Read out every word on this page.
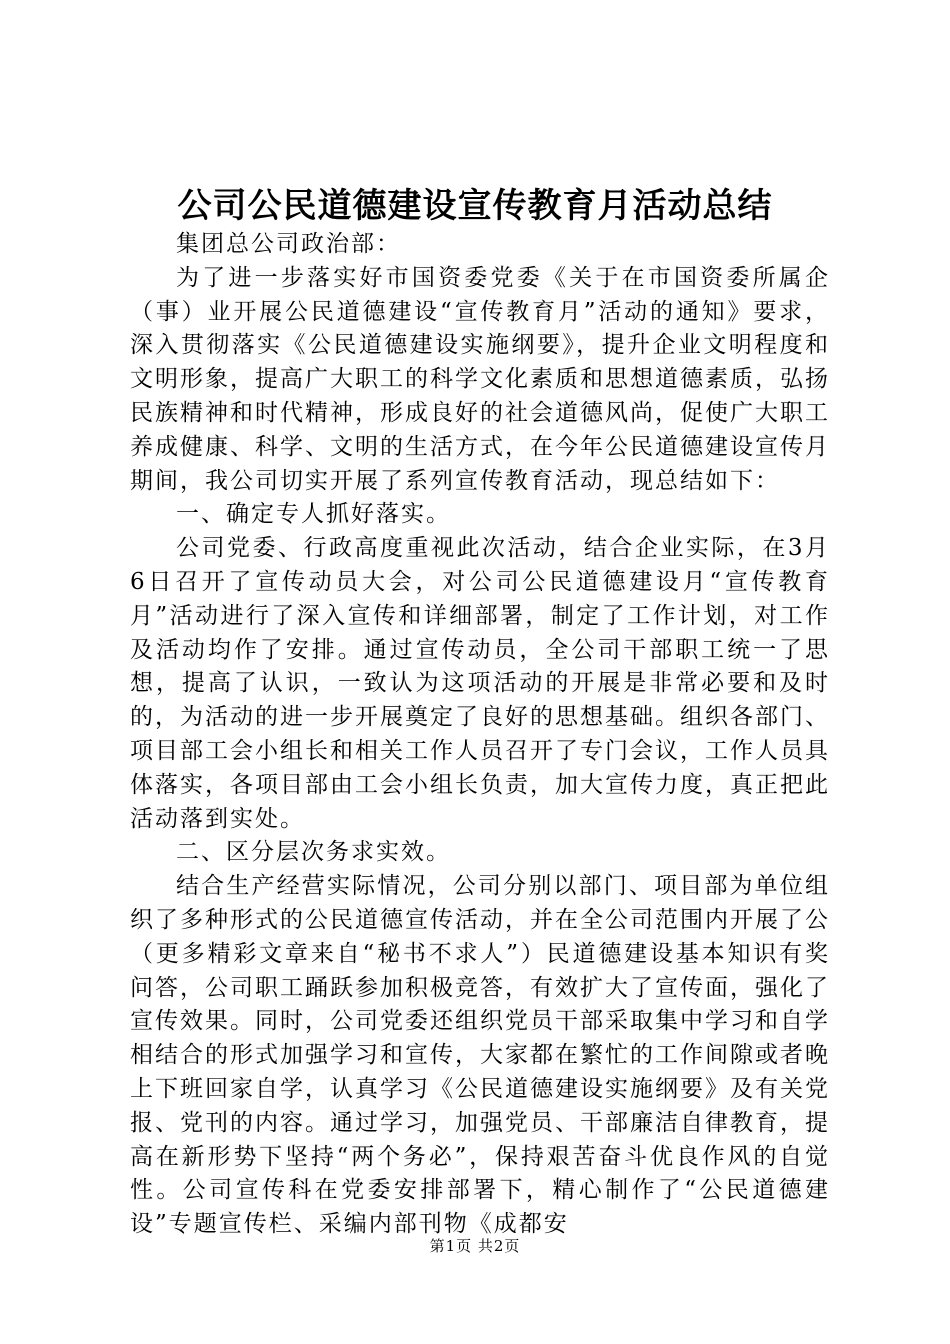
公司公民道德建设宣传教育月活动总结

集团总公司政治部：

为了进一步落实好市国资委党委《关于在市国资委所属企（事）业开展公民道德建设“宣传教育月”活动的通知》要求，深入贯彻落实《公民道德建设实施纲要》，提升企业文明程度和文明形象，提高广大职工的科学文化素质和思想道德素质，弘扬民族精神和时代精神，形成良好的社会道德风尚，促使广大职工养成健康、科学、文明的生活方式，在今年公民道德建设宣传月期间，我公司切实开展了系列宣传教育活动，现总结如下：

一、确定专人抓好落实。

公司党委、行政高度重视此次活动，结合企业实际，在3月6日召开了宣传动员大会，对公司公民道德建设月“宣传教育月”活动进行了深入宣传和详细部署，制定了工作计划，对工作及活动均作了安排。通过宣传动员，全公司干部职工统一了思想，提高了认识，一致认为这项活动的开展是非常必要和及时的，为活动的进一步开展奠定了良好的思想基础。组织各部门、项目部工会小组长和相关工作人员召开了专门会议，工作人员具体落实，各项目部由工会小组长负责，加大宣传力度，真正把此活动落到实处。

二、区分层次务求实效。

结合生产经营实际情况，公司分别以部门、项目部为单位组织了多种形式的公民道德宣传活动，并在全公司范围内开展了公（更多精彩文章来自“秘书不求人”）民道德建设基本知识有奖问答，公司职工踊跃参加积极竞答，有效扩大了宣传面，强化了宣传效果。同时，公司党委还组织党员干部采取集中学习和自学相结合的形式加强学习和宣传，大家都在繁忙的工作间隙或者晚上下班回家自学，认真学习《公民道德建设实施纲要》及有关党报、党刊的内容。通过学习，加强党员、干部廉洁自律教育，提高在新形势下坚持“两个务必”，保持艰苦奋斗优良作风的自觉性。公司宣传科在党委安排部署下，精心制作了“公民道德建设”专题宣传栏、采编内部刊物《成都安

第1页 共2页
